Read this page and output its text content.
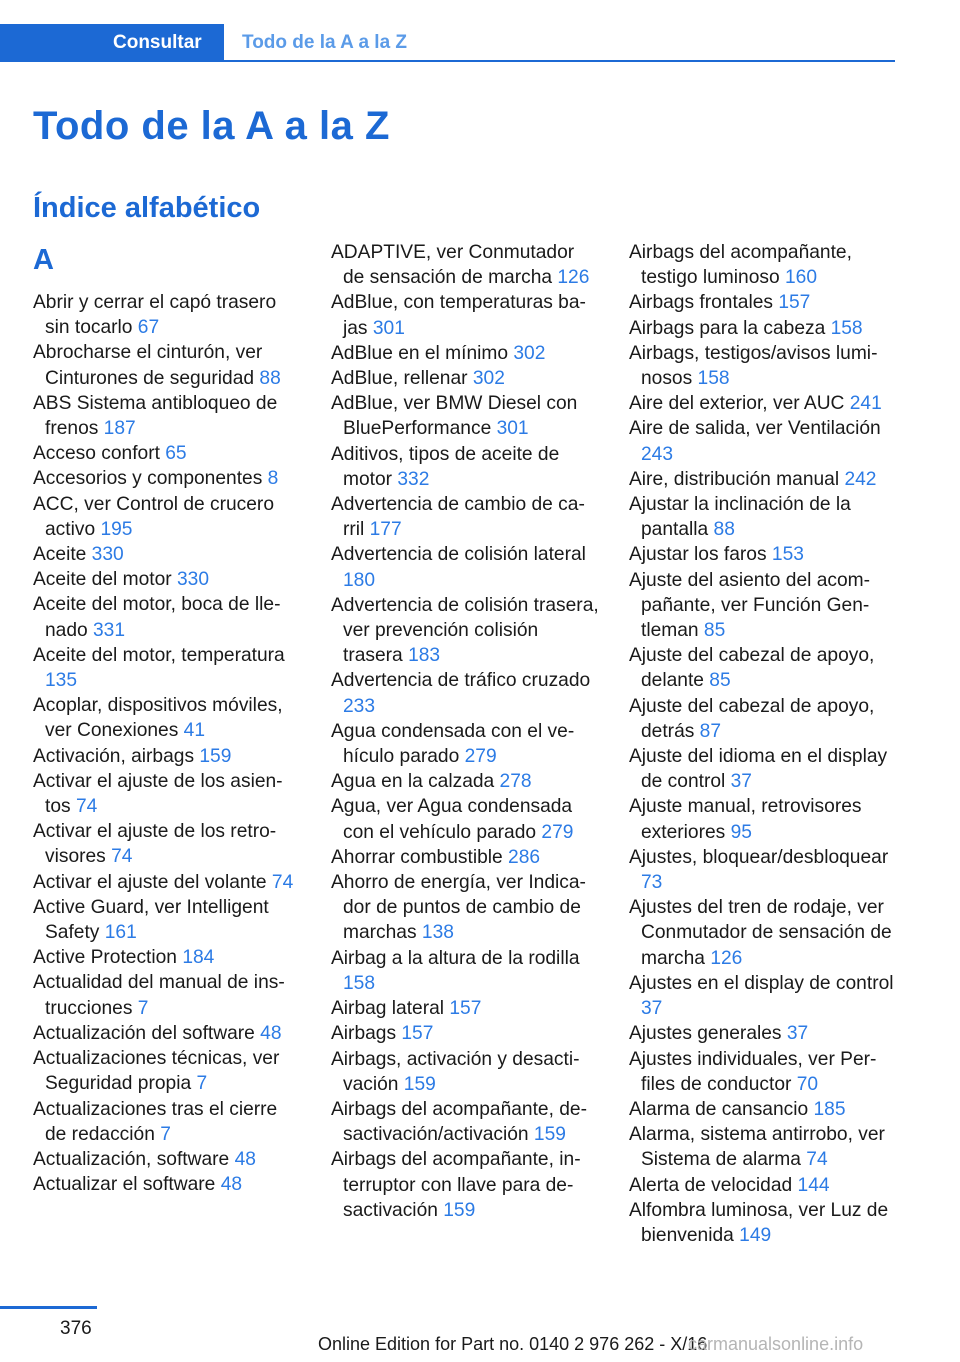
Consultar	Todo de la A a la Z
Todo de la A a la Z
Índice alfabético
A
Abrir y cerrar el capó trasero sin tocarlo 67
Abrocharse el cinturón, ver Cinturones de seguridad 88
ABS Sistema antibloqueo de frenos 187
Acceso confort 65
Accesorios y componentes 8
ACC, ver Control de crucero activo 195
Aceite 330
Aceite del motor 330
Aceite del motor, boca de llenado 331
Aceite del motor, temperatura 135
Acoplar, dispositivos móviles, ver Conexiones 41
Activación, airbags 159
Activar el ajuste de los asientos 74
Activar el ajuste de los retrovisores 74
Activar el ajuste del volante 74
Active Guard, ver Intelligent Safety 161
Active Protection 184
Actualidad del manual de instrucciones 7
Actualización del software 48
Actualizaciones técnicas, ver Seguridad propia 7
Actualizaciones tras el cierre de redacción 7
Actualización, software 48
Actualizar el software 48
ADAPTIVE, ver Conmutador de sensación de marcha 126
AdBlue, con temperaturas bajas 301
AdBlue en el mínimo 302
AdBlue, rellenar 302
AdBlue, ver BMW Diesel con BluePerformance 301
Aditivos, tipos de aceite de motor 332
Advertencia de cambio de carril 177
Advertencia de colisión lateral 180
Advertencia de colisión trasera, ver prevención colisión trasera 183
Advertencia de tráfico cruzado 233
Agua condensada con el vehículo parado 279
Agua en la calzada 278
Agua, ver Agua condensada con el vehículo parado 279
Ahorrar combustible 286
Ahorro de energía, ver Indicador de puntos de cambio de marchas 138
Airbag a la altura de la rodilla 158
Airbag lateral 157
Airbags 157
Airbags, activación y desactivación 159
Airbags del acompañante, desactivación/activación 159
Airbags del acompañante, interruptor con llave para desactivación 159
Airbags del acompañante, testigo luminoso 160
Airbags frontales 157
Airbags para la cabeza 158
Airbags, testigos/avisos luminosos 158
Aire del exterior, ver AUC 241
Aire de salida, ver Ventilación 243
Aire, distribución manual 242
Ajustar la inclinación de la pantalla 88
Ajustar los faros 153
Ajuste del asiento del acompañante, ver Función Gentleman 85
Ajuste del cabezal de apoyo, delante 85
Ajuste del cabezal de apoyo, detrás 87
Ajuste del idioma en el display de control 37
Ajuste manual, retrovisores exteriores 95
Ajustes, bloquear/desbloquear 73
Ajustes del tren de rodaje, ver Conmutador de sensación de marcha 126
Ajustes en el display de control 37
Ajustes generales 37
Ajustes individuales, ver Perfiles de conductor 70
Alarma de cansancio 185
Alarma, sistema antirrobo, ver Sistema de alarma 74
Alerta de velocidad 144
Alfombra luminosa, ver Luz de bienvenida 149
376
Online Edition for Part no. 0140 2 976 262 - X/16
carmanualsonline.info
